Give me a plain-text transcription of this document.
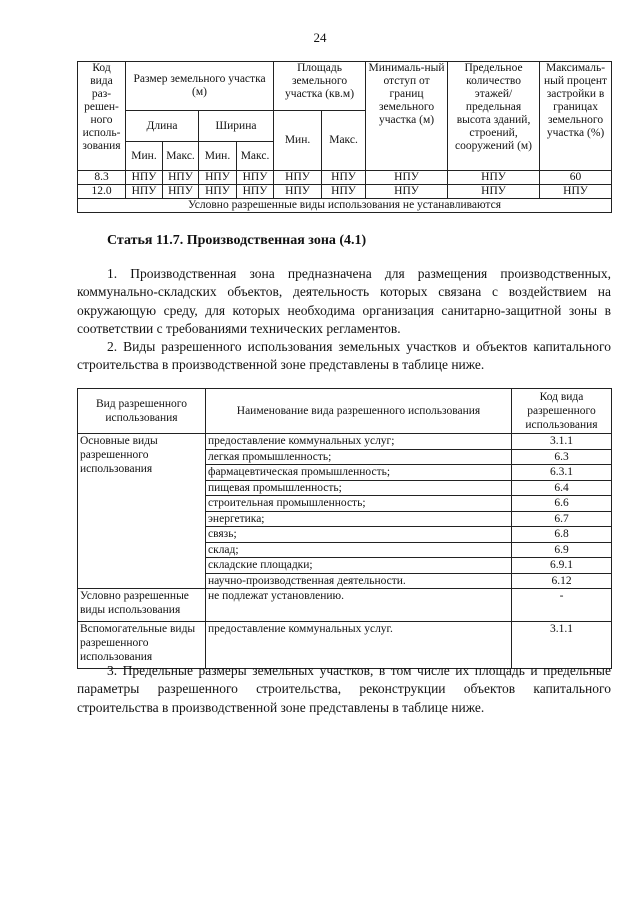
24
Код вида раз-решен-ного исполь-зования	Размер земельного участка (м)				Площадь земельного участка (кв.м)		Минималь-ный отступ от границ земельного участка (м)	Предельное количество этажей/ предельная высота зданий, строений, сооружений (м)	Максималь-ный процент застройки в границах земельного участка (%)
	Длина		Ширина		Мин.	Макс.			
	Мин.	Макс.	Мин.	Макс.					
8.3	НПУ	НПУ	НПУ	НПУ	НПУ	НПУ	НПУ	НПУ	60
12.0	НПУ	НПУ	НПУ	НПУ	НПУ	НПУ	НПУ	НПУ	НПУ
Условно разрешенные виды использования не устанавливаются									
Статья 11.7. Производственная зона (4.1)
1. Производственная зона предназначена для размещения производственных, коммунально-складских объектов, деятельность которых связана с воздействием на окружающую среду, для которых необходима организация санитарно-защитной зоны в соответствии с требованиями технических регламентов.
2. Виды разрешенного использования земельных участков и объектов капитального строительства в производственной зоне представлены в таблице ниже.
Вид разрешенного использования	Наименование вида разрешенного использования	Код вида разрешенного использования
Основные виды разрешенного использования	предоставление коммунальных услуг;	3.1.1
	легкая промышленность;	6.3
	фармацевтическая промышленность;	6.3.1
	пищевая промышленность;	6.4
	строительная промышленность;	6.6
	энергетика;	6.7
	связь;	6.8
	склад;	6.9
	складские площадки;	6.9.1
	научно-производственная деятельности.	6.12
Условно разрешенные виды использования	не подлежат установлению.	-
Вспомогательные виды разрешенного использования	предоставление коммунальных услуг.	3.1.1
3. Предельные размеры земельных участков, в том числе их площадь и предельные параметры разрешенного строительства, реконструкции объектов капитального строительства в производственной зоне представлены в таблице ниже.
